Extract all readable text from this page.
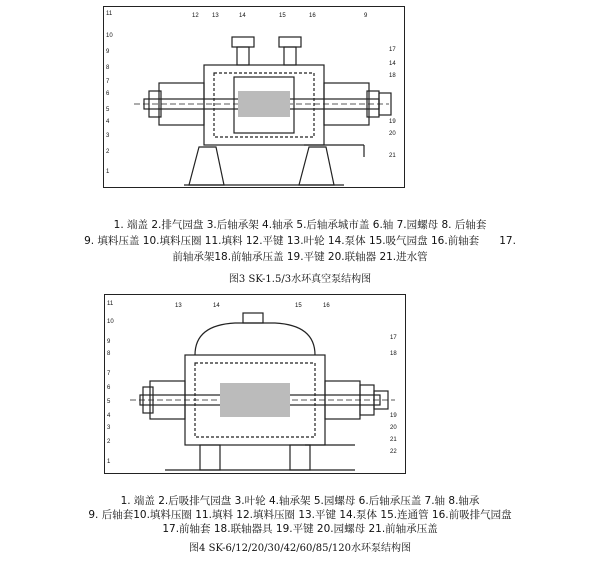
11
10
9
8
7
6
5
4
3
2
1
12 13	14	15	16	9
17
14
18
19
20
21
1. 端盖 2.排气园盘 3.后轴承架 4.轴承 5.后轴承城市盖 6.轴 7.园螺母 8. 后轴套
9. 填料压盖 10.填料压圈 11.填料 12.平键 13.叶轮 14.泵体 15.吸气园盘 16.前轴套      17.
前轴承架18.前轴承压盖 19.平键 20.联轴器 21.进水管
图3 SK-1.5/3水环真空泵结构图
11
10
9
8
7
6
5
4
3
2
1
13	14	15	16
17
18
19
20
21
22
1. 端盖 2.后吸排气园盘 3.叶轮 4.轴承架 5.园螺母 6.后轴承压盖 7.轴 8.轴承
9. 后轴套10.填料压圈 11.填料 12.填料压圈 13.平键 14.泵体 15.连通管 16.前吸排气园盘
17.前轴套 18.联轴器具 19.平键 20.园螺母 21.前轴承压盖
图4 SK-6/12/20/30/42/60/85/120水环泵结构图
